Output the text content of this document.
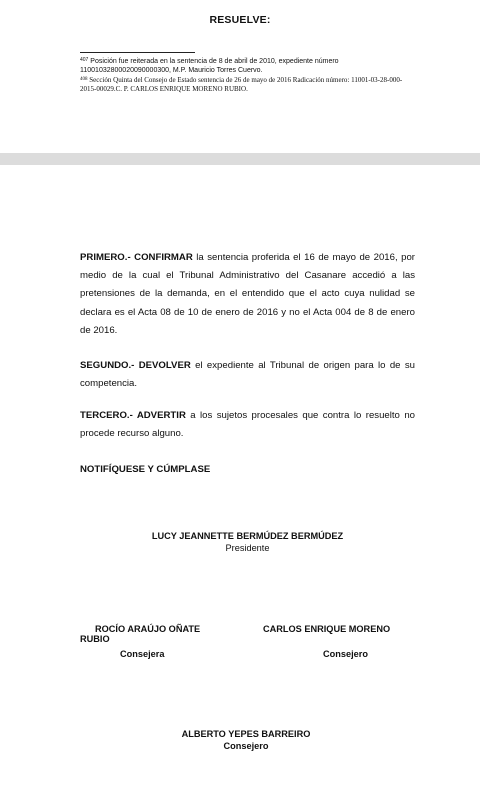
RESUELVE:
$^{407}$ Posición fue reiterada en la sentencia de 8 de abril de 2010, expediente número 11001032800020090000300, M.P. Mauricio Torres Cuervo.
$^{408}$ Sección Quinta del Consejo de Estado sentencia de 26 de mayo de 2016 Radicación número: 11001-03-28-000-2015-00029.C. P. CARLOS ENRIQUE MORENO RUBIO.
PRIMERO.- CONFIRMAR la sentencia proferida el 16 de mayo de 2016, por medio de la cual el Tribunal Administrativo del Casanare accedió a las pretensiones de la demanda, en el entendido que el acto cuya nulidad se declara es el Acta 08 de 10 de enero de 2016 y no el Acta 004 de 8 de enero de 2016.
SEGUNDO.- DEVOLVER el expediente al Tribunal de origen para lo de su competencia.
TERCERO.- ADVERTIR a los sujetos procesales que contra lo resuelto no procede recurso alguno.
NOTIFÍQUESE Y CÚMPLASE
LUCY JEANNETTE BERMÚDEZ BERMÚDEZ
Presidente
ROCÍO ARAÚJO OÑATE
RUBIO
Consejera
CARLOS ENRIQUE MORENO
Consejero
ALBERTO YEPES BARREIRO
Consejero
